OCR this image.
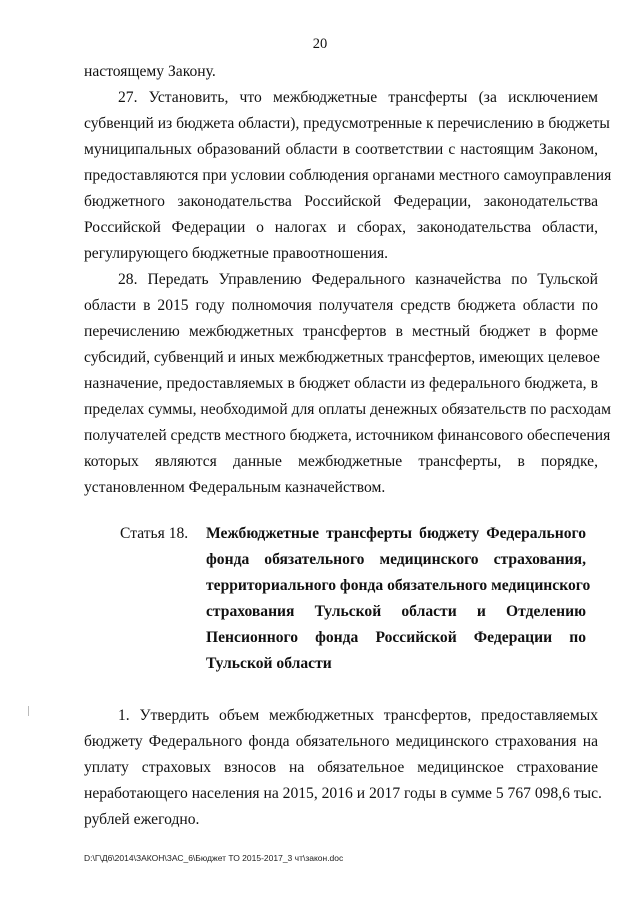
20
настоящему Закону.
27. Установить, что межбюджетные трансферты (за исключением
субвенций из бюджета области), предусмотренные к перечислению в бюджеты
муниципальных образований области в соответствии с настоящим Законом,
предоставляются при условии соблюдения органами местного самоуправления
бюджетного законодательства Российской Федерации, законодательства
Российской Федерации о налогах и сборах, законодательства области,
регулирующего бюджетные правоотношения.
28. Передать Управлению Федерального казначейства по Тульской
области в 2015 году полномочия получателя средств бюджета области по
перечислению межбюджетных трансфертов в местный бюджет в форме
субсидий, субвенций и иных межбюджетных трансфертов, имеющих целевое
назначение, предоставляемых в бюджет области из федерального бюджета, в
пределах суммы, необходимой для оплаты денежных обязательств по расходам
получателей средств местного бюджета, источником финансового обеспечения
которых являются данные межбюджетные трансферты, в порядке,
установленном Федеральным казначейством.
Статья 18. Межбюджетные трансферты бюджету Федерального
фонда обязательного медицинского страхования,
территориального фонда обязательного медицинского
страхования Тульской области и Отделению
Пенсионного фонда Российской Федерации по
Тульской области
1. Утвердить объем межбюджетных трансфертов, предоставляемых
бюджету Федерального фонда обязательного медицинского страхования на
уплату страховых взносов на обязательное медицинское страхование
неработающего населения на 2015, 2016 и 2017 годы в сумме 5 767 098,6 тыс.
рублей ежегодно.
D:\Г\Д6\2014\ЗАКОН\ЗАС_6\Бюджет ТО 2015-2017_3 чт\закон.doc
